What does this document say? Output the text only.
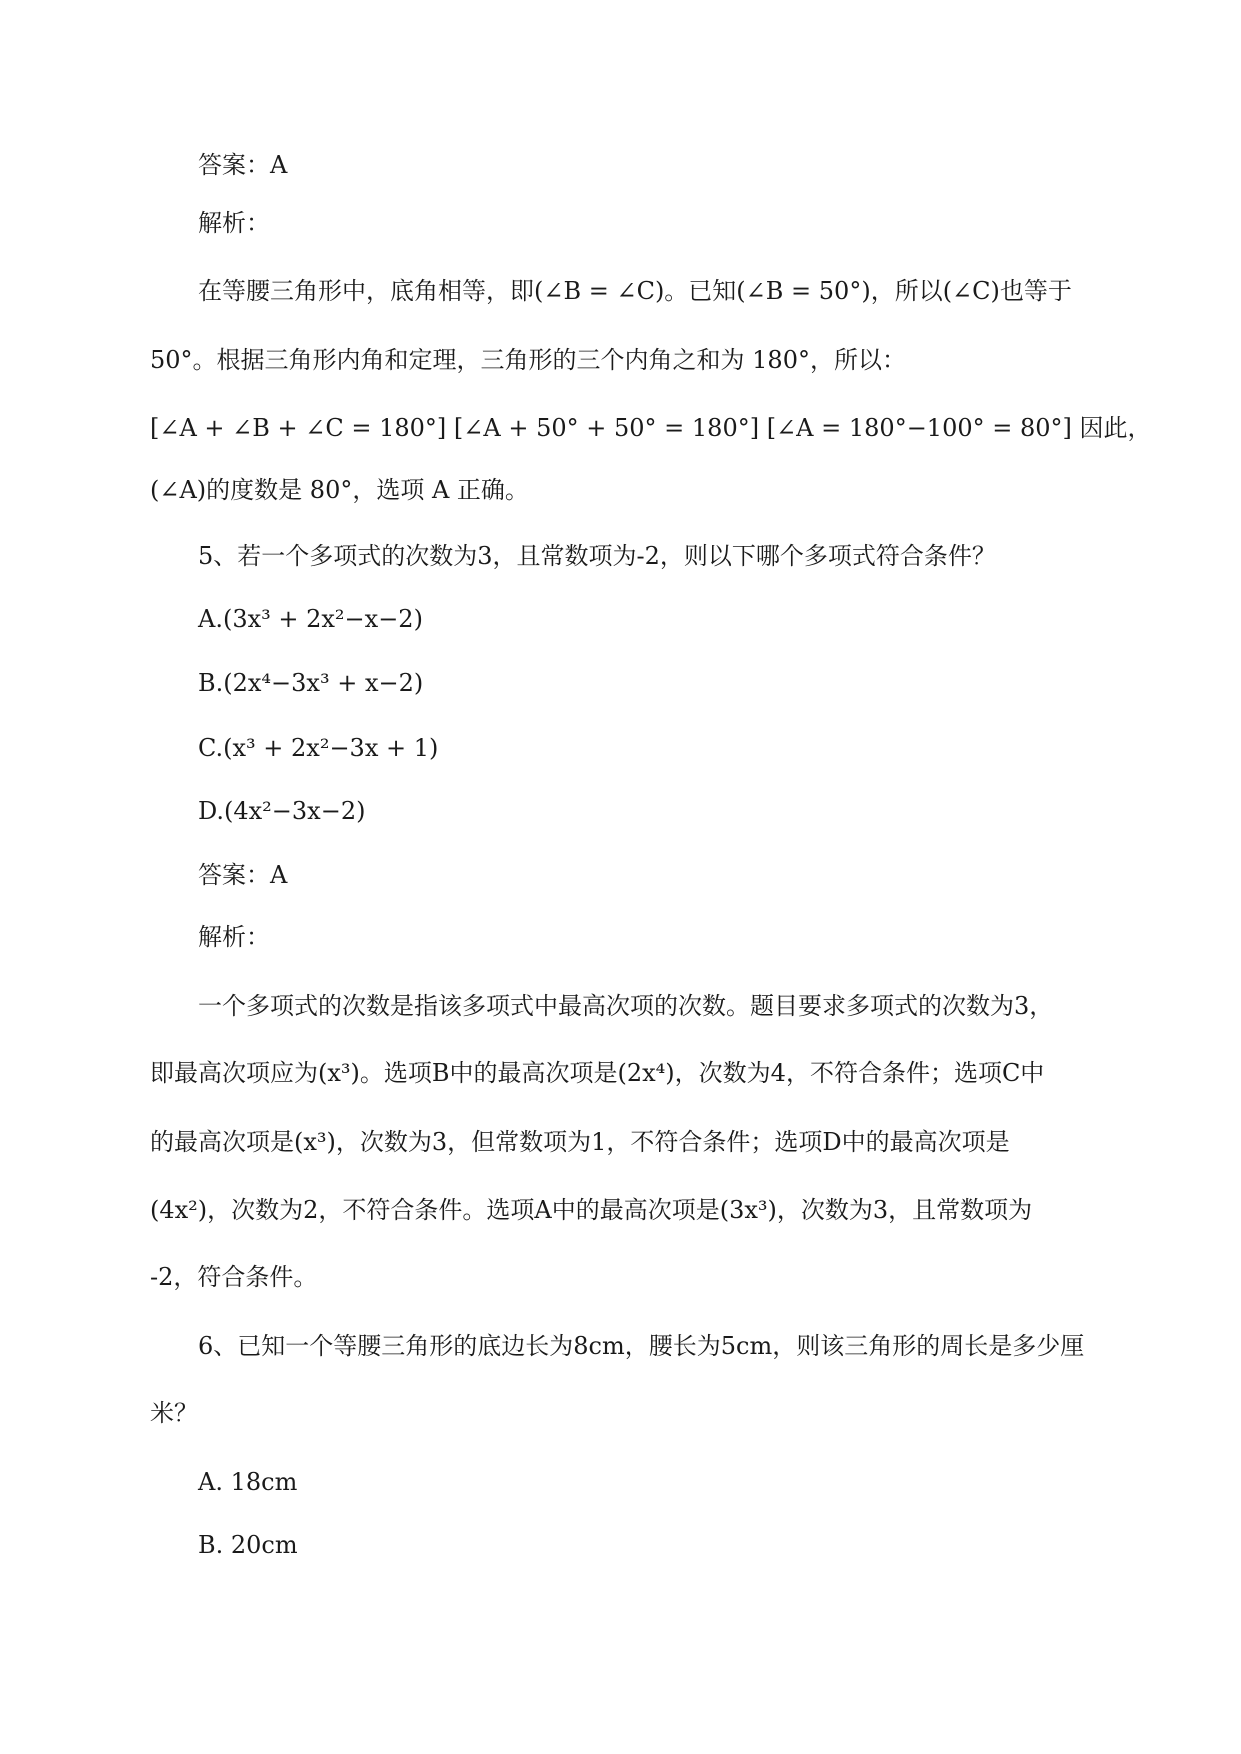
答案：A
解析：
在等腰三角形中，底角相等，即(∠B = ∠C)。已知(∠B = 50°)，所以(∠C)也等于
50°。根据三角形内角和定理，三角形的三个内角之和为 180°，所以：
[∠A + ∠B + ∠C = 180°] [∠A + 50° + 50° = 180°] [∠A = 180°−100° = 80°] 因此，
(∠A)的度数是 80°，选项 A 正确。
5、若一个多项式的次数为3，且常数项为-2，则以下哪个多项式符合条件？
A.(3x³ + 2x²−x−2)
B.(2x⁴−3x³ + x−2)
C.(x³ + 2x²−3x + 1)
D.(4x²−3x−2)
答案：A
解析：
一个多项式的次数是指该多项式中最高次项的次数。题目要求多项式的次数为3，
即最高次项应为(x³)。选项B中的最高次项是(2x⁴)，次数为4，不符合条件；选项C中
的最高次项是(x³)，次数为3，但常数项为1，不符合条件；选项D中的最高次项是
(4x²)，次数为2，不符合条件。选项A中的最高次项是(3x³)，次数为3，且常数项为
-2，符合条件。
6、已知一个等腰三角形的底边长为8cm，腰长为5cm，则该三角形的周长是多少厘
米？
A. 18cm
B. 20cm
